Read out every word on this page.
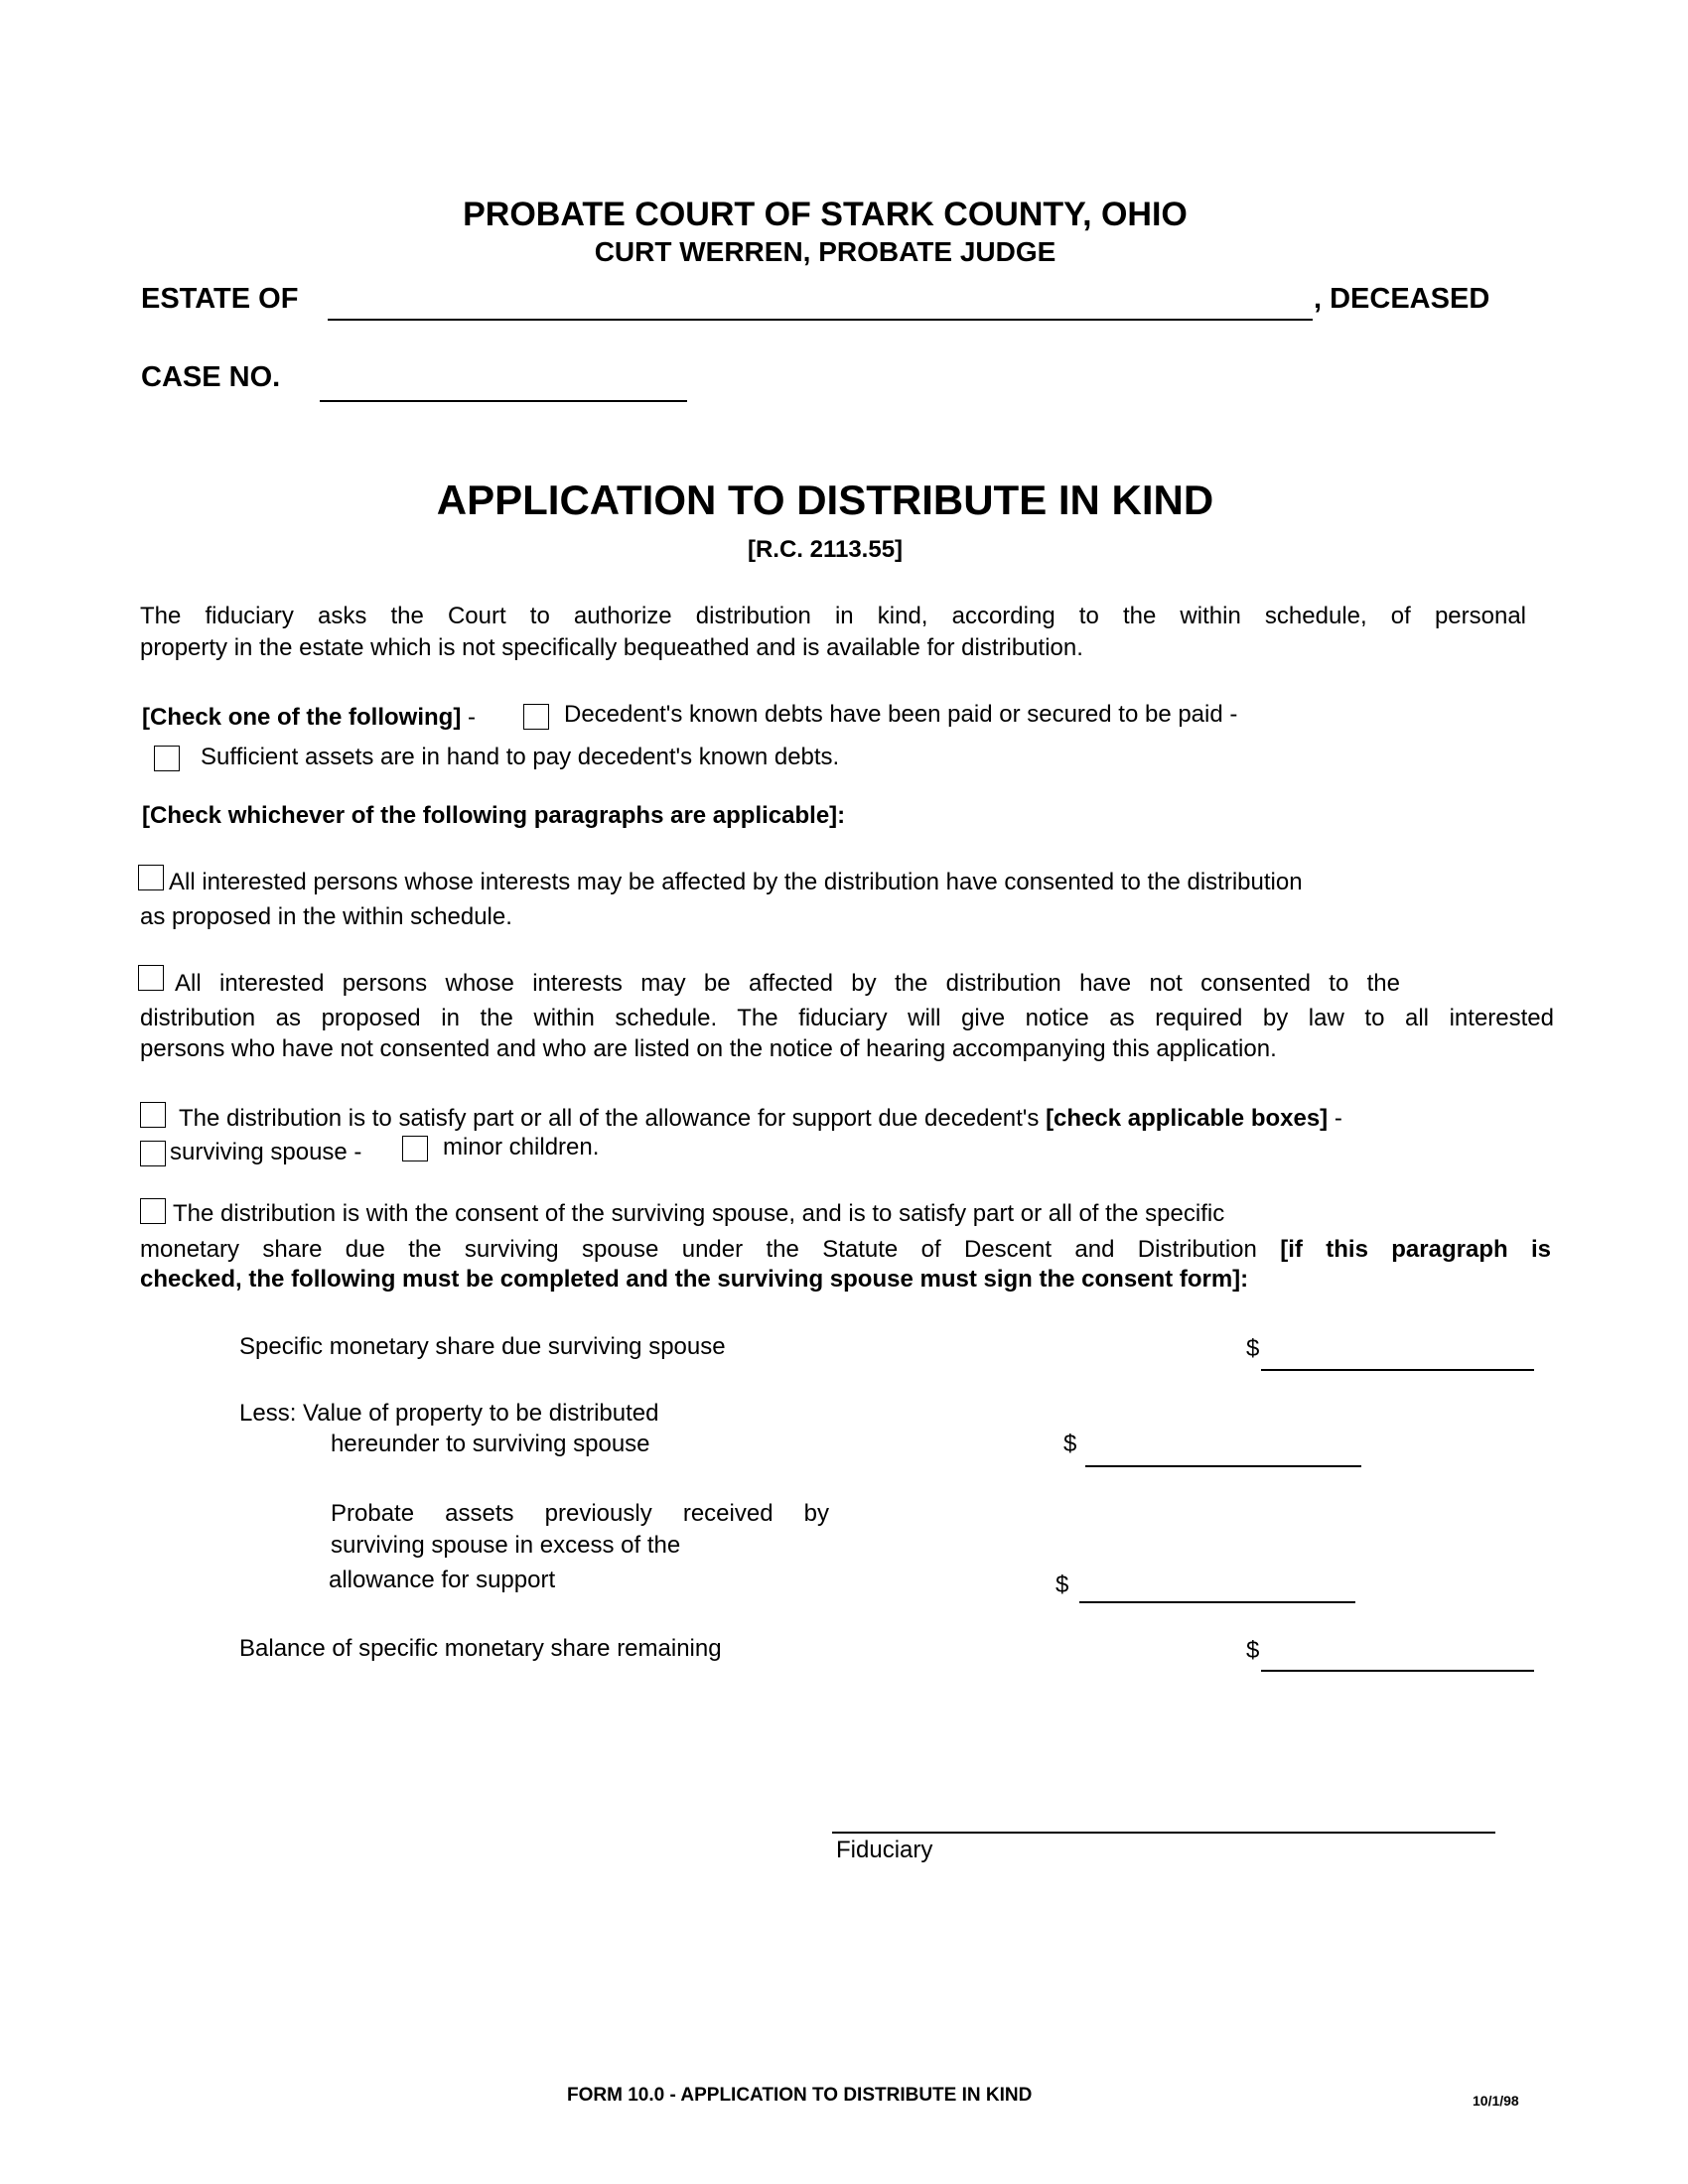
PROBATE COURT OF STARK COUNTY, OHIO
CURT WERREN, PROBATE JUDGE
ESTATE OF	, DECEASED
CASE NO.
APPLICATION TO DISTRIBUTE IN KIND
[R.C. 2113.55]
The fiduciary asks the Court to authorize distribution in kind, according to the within schedule, of personal
property in the estate which is not specifically bequeathed and is available for distribution.
[Check one of the following] -	Decedent's known debts have been paid or secured to be paid -
Sufficient assets are in hand to pay decedent's known debts.
[Check whichever of the following paragraphs are applicable]:
All interested persons whose interests may be affected by the distribution have consented to the distribution
as proposed in the within schedule.
All interested persons whose interests may be affected by the distribution have not consented to the
distribution as proposed in the within schedule. The fiduciary will give notice as required by law to all interested
persons who have not consented and who are listed on the notice of hearing accompanying this application.
The distribution is to satisfy part or all of the allowance for support due decedent's [check applicable boxes] -
surviving spouse -	minor children.
The distribution is with the consent of the surviving spouse, and is to satisfy part or all of the specific
monetary share due the surviving spouse under the Statute of Descent and Distribution [if this paragraph is
checked, the following must be completed and the surviving spouse must sign the consent form]:
Specific monetary share due surviving spouse	$
Less: Value of property to be distributed
hereunder to surviving spouse	$
Probate assets previously received by
surviving spouse in excess of the
allowance for support	$
Balance of specific monetary share remaining	$
Fiduciary
FORM 10.0 - APPLICATION TO DISTRIBUTE IN KIND	10/1/98
